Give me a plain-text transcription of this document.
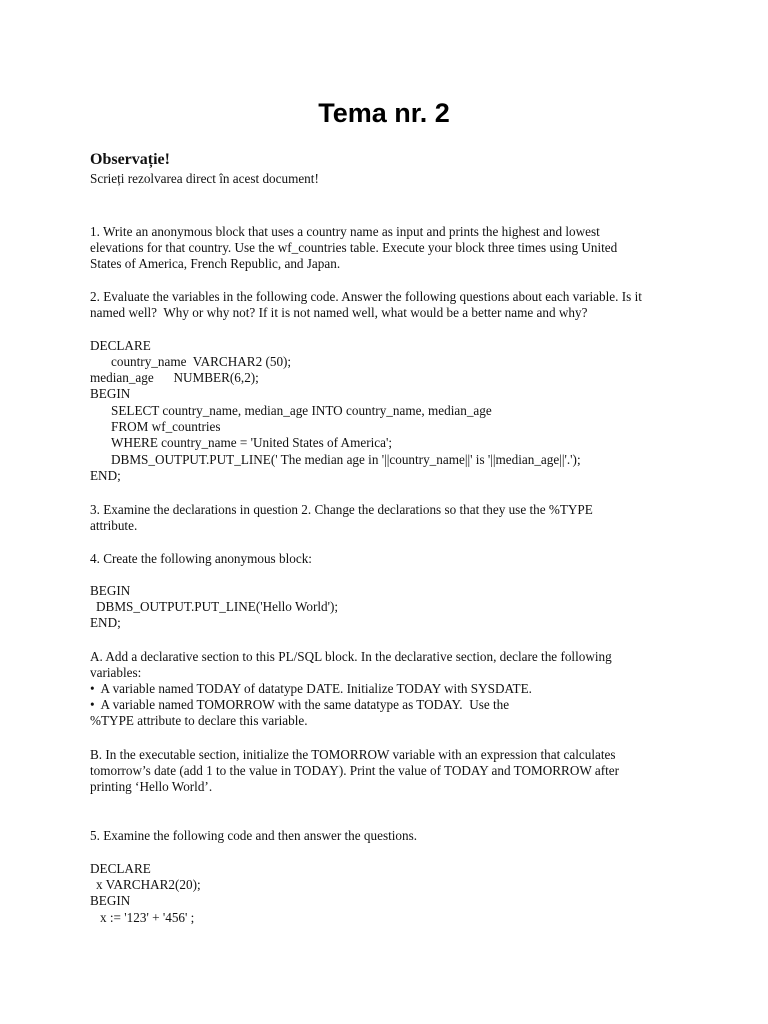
Tema nr. 2
Observație!
Scrieți rezolvarea direct în acest document!
1. Write an anonymous block that uses a country name as input and prints the highest and lowest
elevations for that country. Use the wf_countries table. Execute your block three times using United
States of America, French Republic, and Japan.
2. Evaluate the variables in the following code. Answer the following questions about each variable. Is it
named well?  Why or why not? If it is not named well, what would be a better name and why?
DECLARE
country_name  VARCHAR2 (50);
median_age      NUMBER(6,2);
BEGIN
SELECT country_name, median_age INTO country_name, median_age
FROM wf_countries
WHERE country_name = 'United States of America';
DBMS_OUTPUT.PUT_LINE(' The median age in '||country_name||' is '||median_age||'.');
END;
3. Examine the declarations in question 2. Change the declarations so that they use the %TYPE
attribute.
4. Create the following anonymous block:
BEGIN
DBMS_OUTPUT.PUT_LINE('Hello World');
END;
A. Add a declarative section to this PL/SQL block. In the declarative section, declare the following
variables:
•  A variable named TODAY of datatype DATE. Initialize TODAY with SYSDATE.
•  A variable named TOMORROW with the same datatype as TODAY.  Use the
%TYPE attribute to declare this variable.
B. In the executable section, initialize the TOMORROW variable with an expression that calculates
tomorrow’s date (add 1 to the value in TODAY). Print the value of TODAY and TOMORROW after
printing ‘Hello World’.
5. Examine the following code and then answer the questions.
DECLARE
x VARCHAR2(20);
BEGIN
x := '123' + '456' ;
